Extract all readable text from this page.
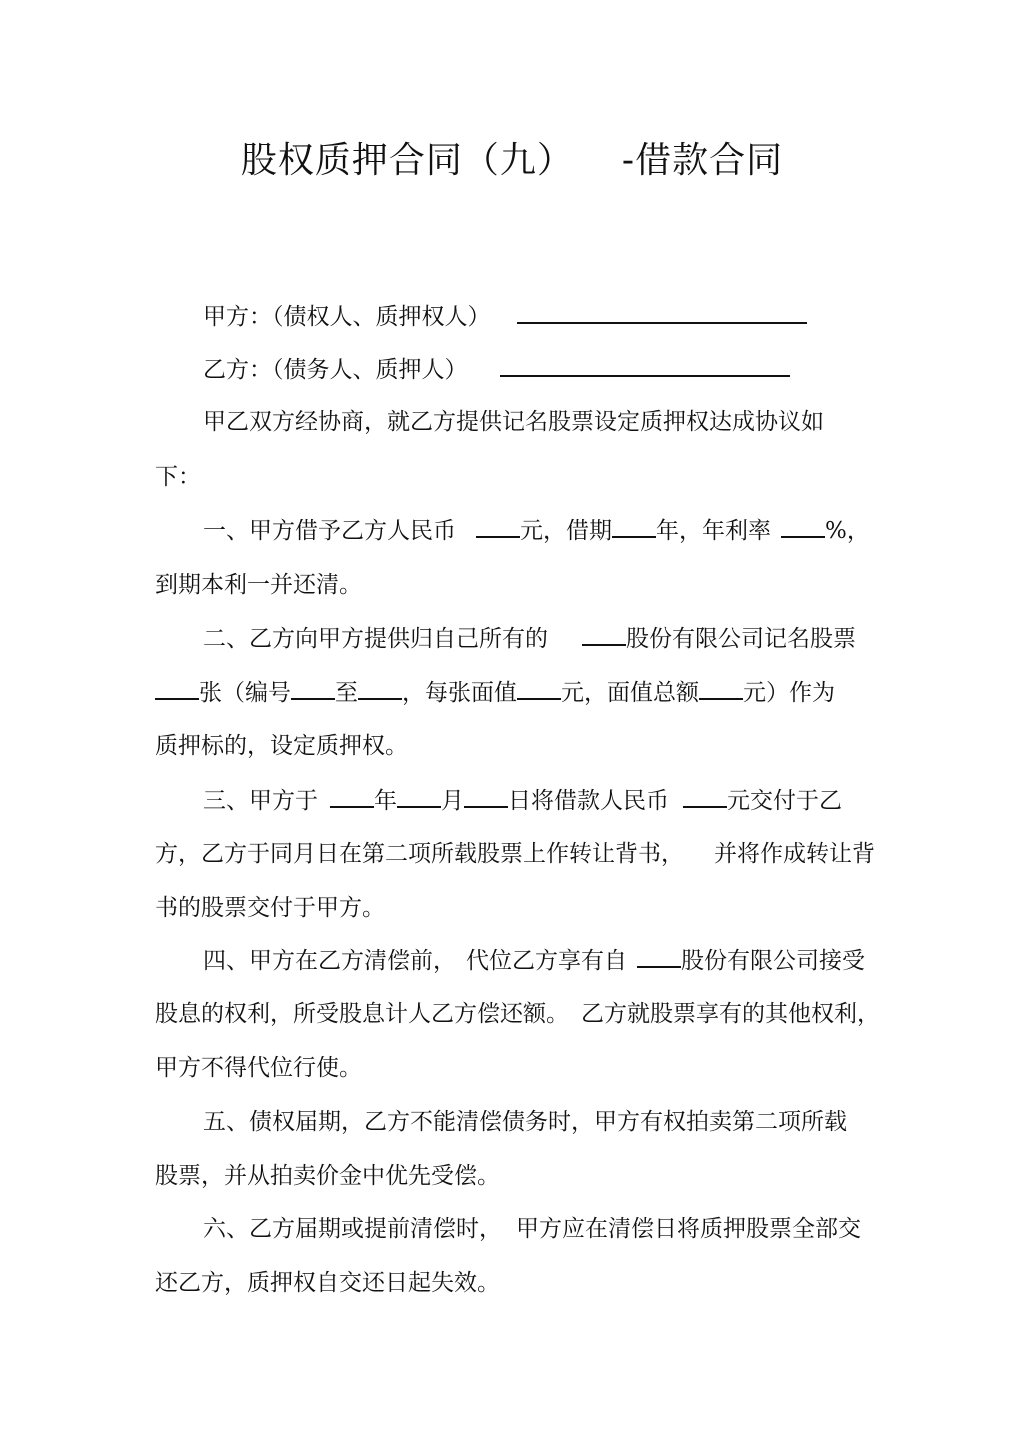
股权质押合同（九） -借款合同
甲方：（债权人、质押权人）
乙方：（债务人、质押人）
甲乙双方经协商，就乙方提供记名股票设定质押权达成协议如
下：
一、甲方借予乙方人民币	元，借期 年，年利率 %，
到期本利一并还清。
二、乙方向甲方提供归自己所有的	股份有限公司记名股票
张（编号 至 ，每张面值 元，面值总额 元）作为
质押标的，设定质押权。
三、甲方于 年 月 日将借款人民币	元交付于乙
方，乙方于同月日在第二项所载股票上作转让背书， 并将作成转让背
书的股票交付于甲方。
四、甲方在乙方清偿前， 代位乙方享有自 股份有限公司接受
股息的权利，所受股息计人乙方偿还额。 乙方就股票享有的其他权利，
甲方不得代位行使。
五、债权届期，乙方不能清偿债务时，甲方有权拍卖第二项所载
股票，并从拍卖价金中优先受偿。
六、乙方届期或提前清偿时， 甲方应在清偿日将质押股票全部交
还乙方，质押权自交还日起失效。
